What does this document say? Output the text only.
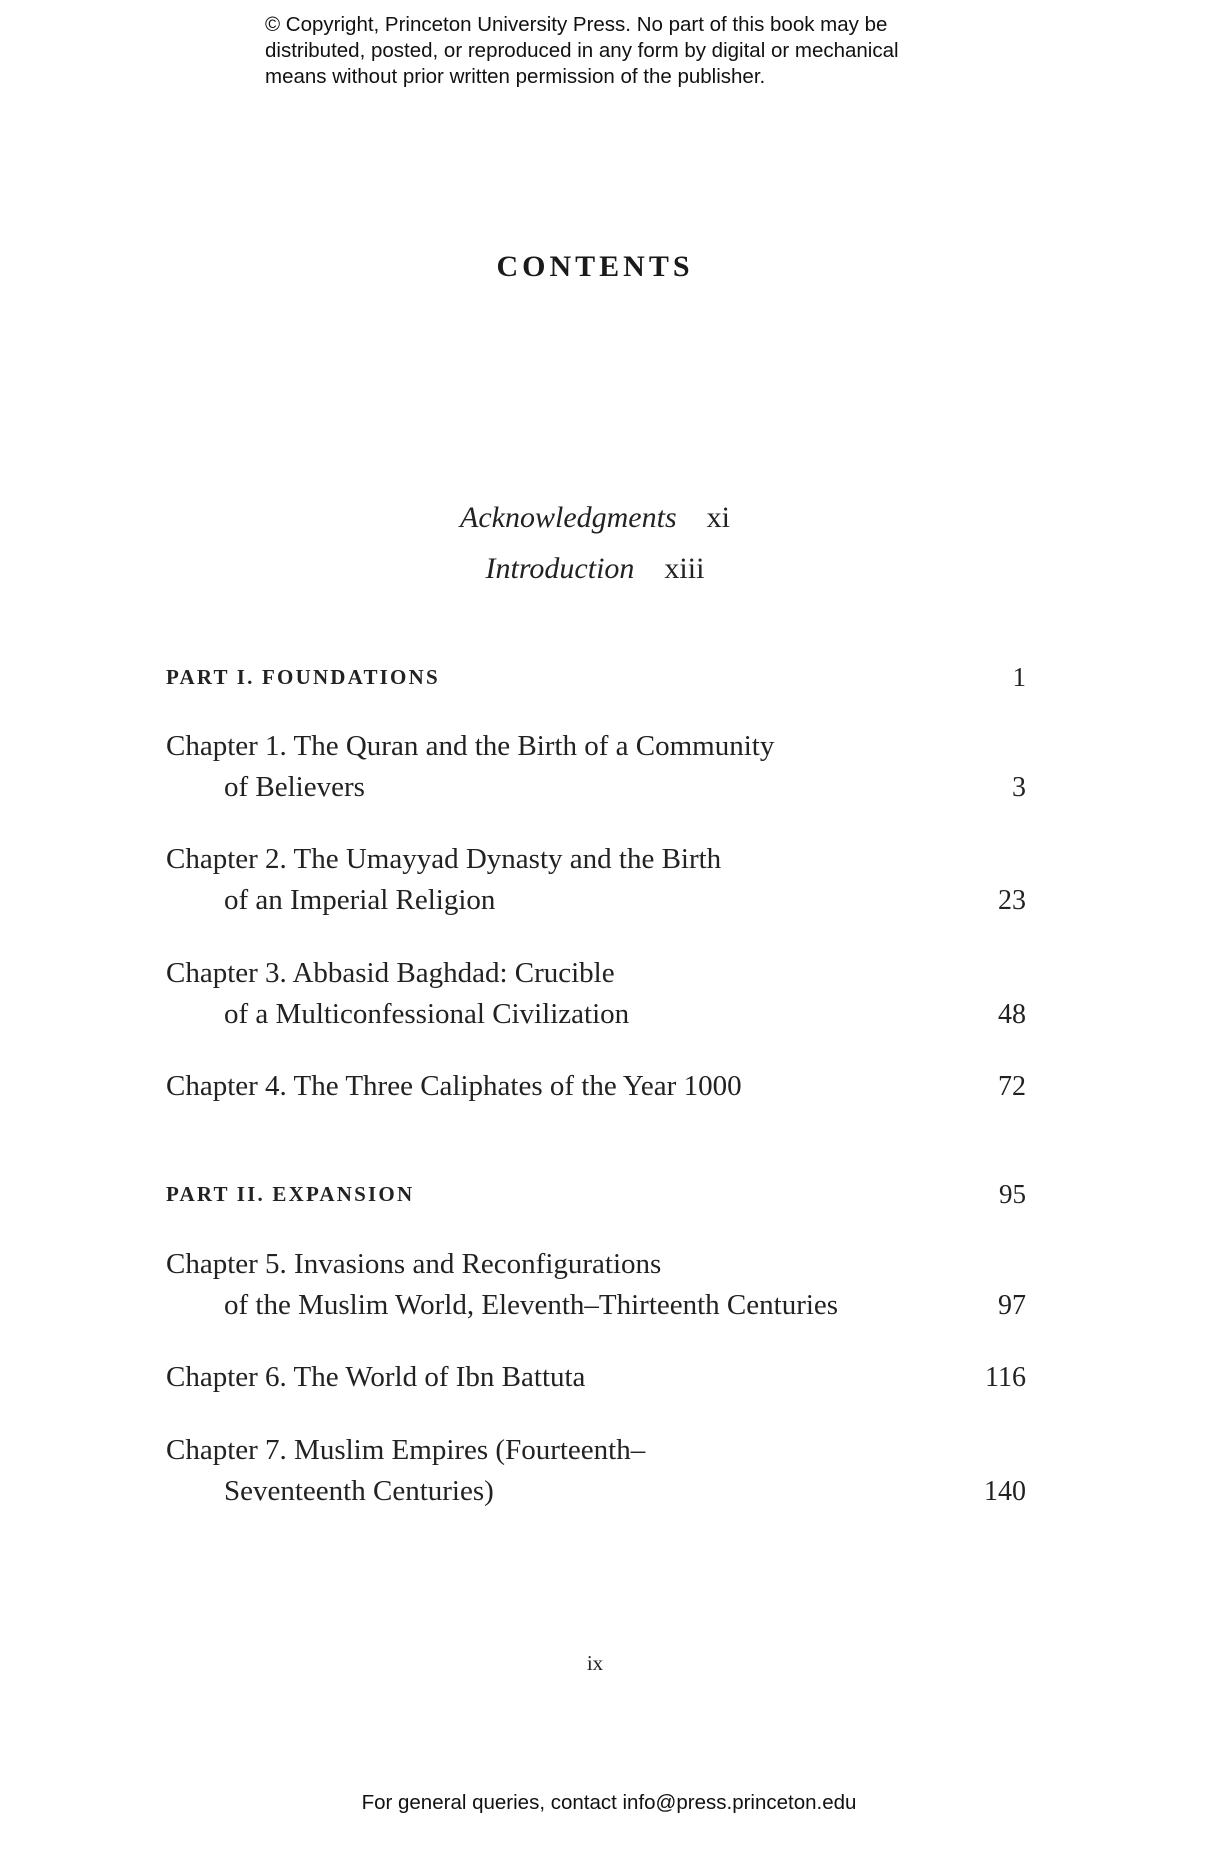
© Copyright, Princeton University Press. No part of this book may be
distributed, posted, or reproduced in any form by digital or mechanical
means without prior written permission of the publisher.
CONTENTS
Acknowledgments xi
Introduction xiii
PART I. FOUNDATIONS	1
Chapter 1. The Quran and the Birth of a Community
of Believers	3
Chapter 2. The Umayyad Dynasty and the Birth
of an Imperial Religion	23
Chapter 3. Abbasid Baghdad: Crucible
of a Multiconfessional Civilization	48
Chapter 4. The Three Caliphates of the Year 1000	72
PART II. EXPANSION	95
Chapter 5. Invasions and Reconfigurations
of the Muslim World, Eleventh–Thirteenth Centuries	97
Chapter 6. The World of Ibn Battuta	116
Chapter 7. Muslim Empires (Fourteenth–
Seventeenth Centuries)	140
ix
For general queries, contact info@press.princeton.edu
